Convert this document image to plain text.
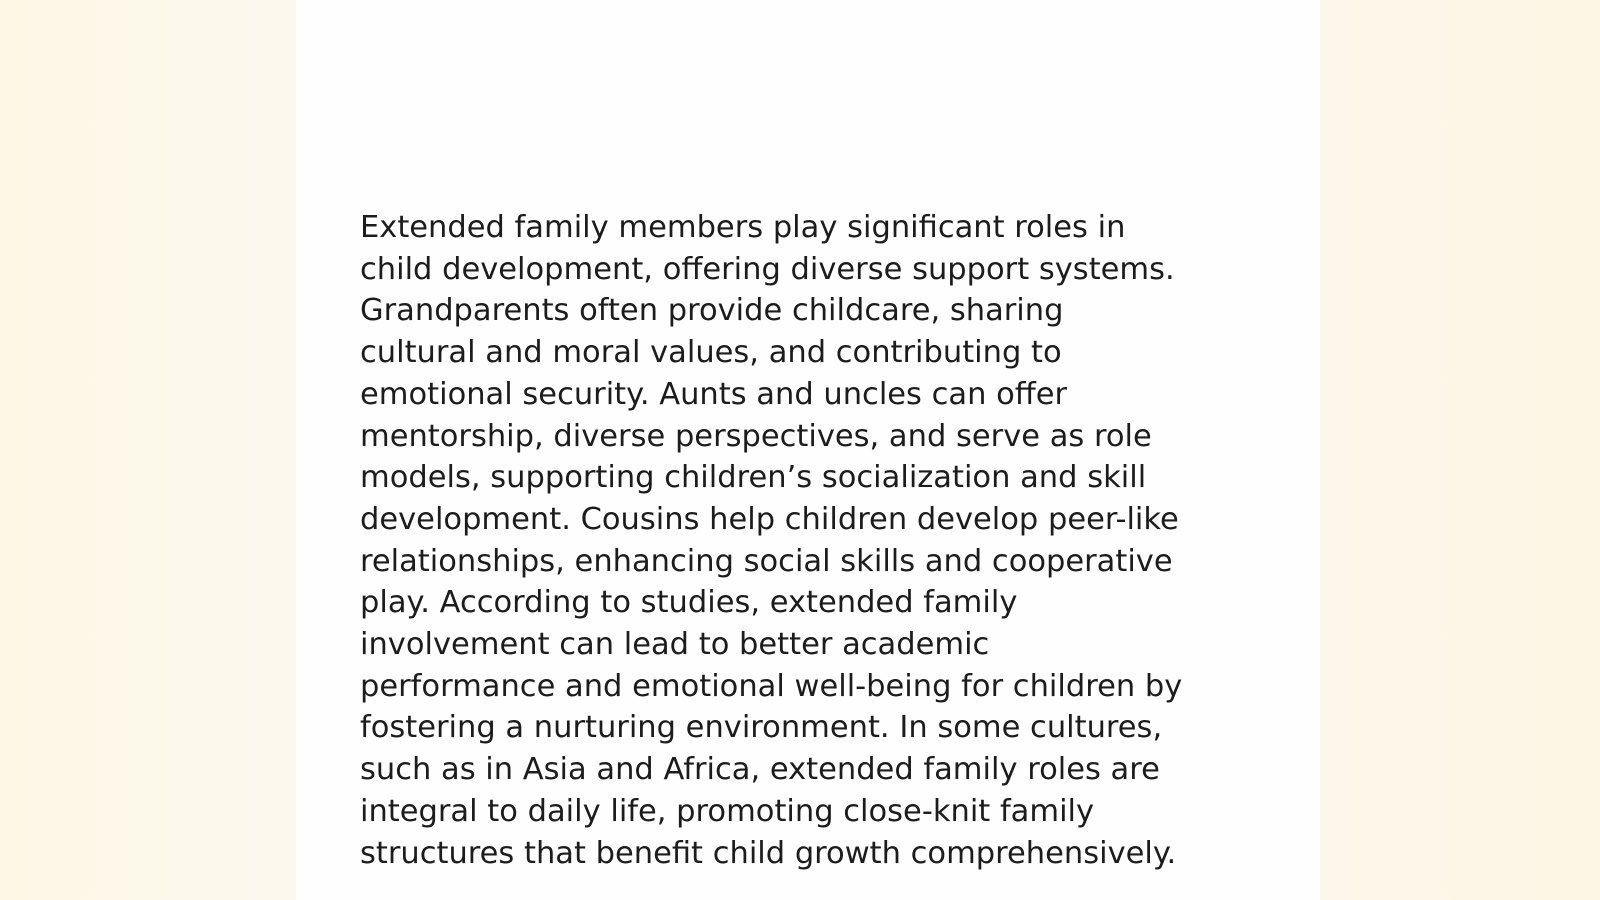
Extended family members play significant roles in
child development, offering diverse support systems.
Grandparents often provide childcare, sharing
cultural and moral values, and contributing to
emotional security. Aunts and uncles can offer
mentorship, diverse perspectives, and serve as role
models, supporting children’s socialization and skill
development. Cousins help children develop peer-like
relationships, enhancing social skills and cooperative
play. According to studies, extended family
involvement can lead to better academic
performance and emotional well-being for children by
fostering a nurturing environment. In some cultures,
such as in Asia and Africa, extended family roles are
integral to daily life, promoting close-knit family
structures that benefit child growth comprehensively.
